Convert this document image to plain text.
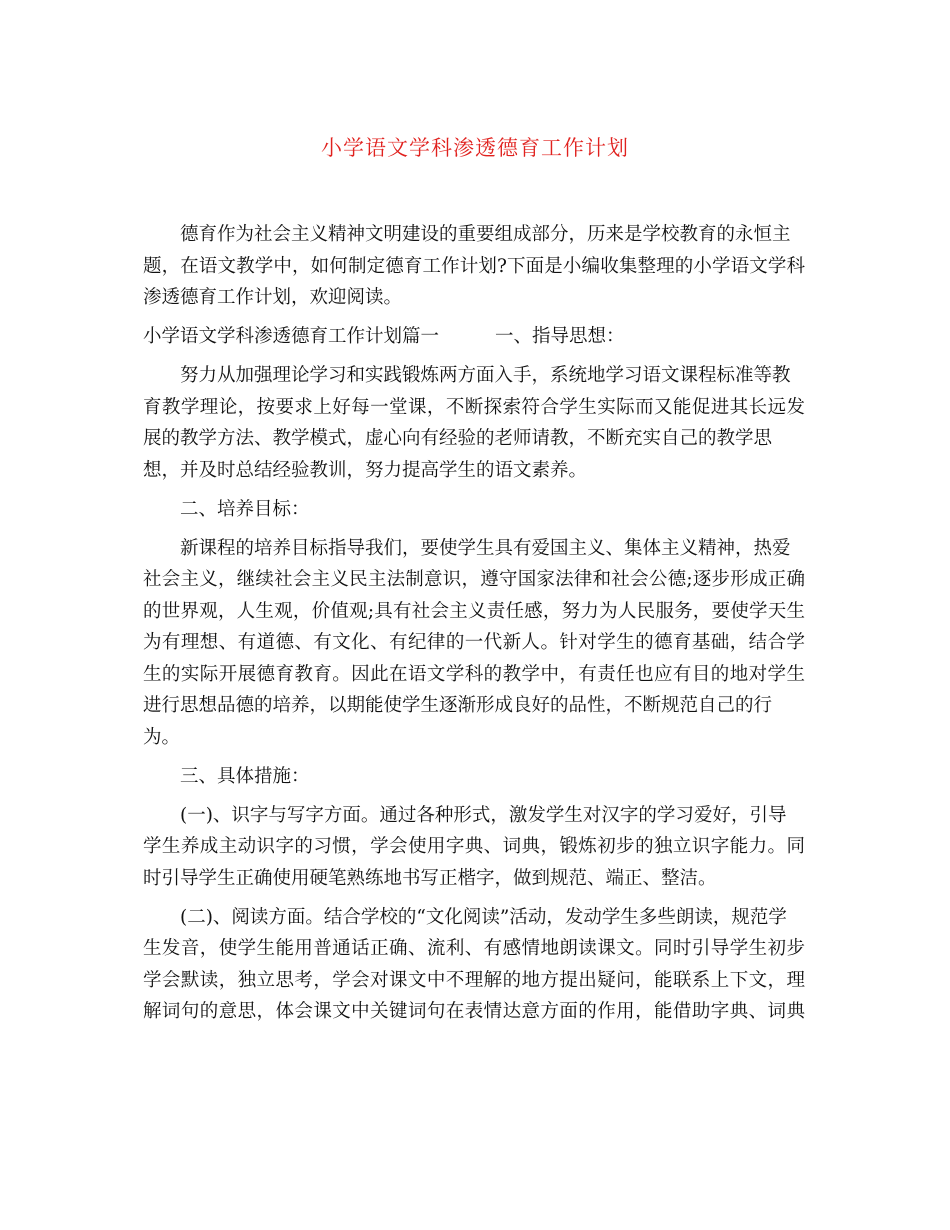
小学语文学科渗透德育工作计划
德育作为社会主义精神文明建设的重要组成部分，历来是学校教育的永恒主
题，在语文教学中，如何制定德育工作计划?下面是小编收集整理的小学语文学科
渗透德育工作计划，欢迎阅读。
小学语文学科渗透德育工作计划篇一	一、指导思想：
努力从加强理论学习和实践锻炼两方面入手，系统地学习语文课程标准等教
育教学理论，按要求上好每一堂课，不断探索符合学生实际而又能促进其长远发
展的教学方法、教学模式，虚心向有经验的老师请教，不断充实自己的教学思
想，并及时总结经验教训，努力提高学生的语文素养。
二、培养目标：
新课程的培养目标指导我们，要使学生具有爱国主义、集体主义精神，热爱
社会主义，继续社会主义民主法制意识，遵守国家法律和社会公德;逐步形成正确
的世界观，人生观，价值观;具有社会主义责任感，努力为人民服务，要使学天生
为有理想、有道德、有文化、有纪律的一代新人。针对学生的德育基础，结合学
生的实际开展德育教育。因此在语文学科的教学中，有责任也应有目的地对学生
进行思想品德的培养，以期能使学生逐渐形成良好的品性，不断规范自己的行
为。
三、具体措施：
(一)、识字与写字方面。通过各种形式，激发学生对汉字的学习爱好，引导
学生养成主动识字的习惯，学会使用字典、词典，锻炼初步的独立识字能力。同
时引导学生正确使用硬笔熟练地书写正楷字，做到规范、端正、整洁。
(二)、阅读方面。结合学校的“文化阅读”活动，发动学生多些朗读，规范学
生发音，使学生能用普通话正确、流利、有感情地朗读课文。同时引导学生初步
学会默读，独立思考，学会对课文中不理解的地方提出疑问，能联系上下文，理
解词句的意思，体会课文中关键词句在表情达意方面的作用，能借助字典、词典
